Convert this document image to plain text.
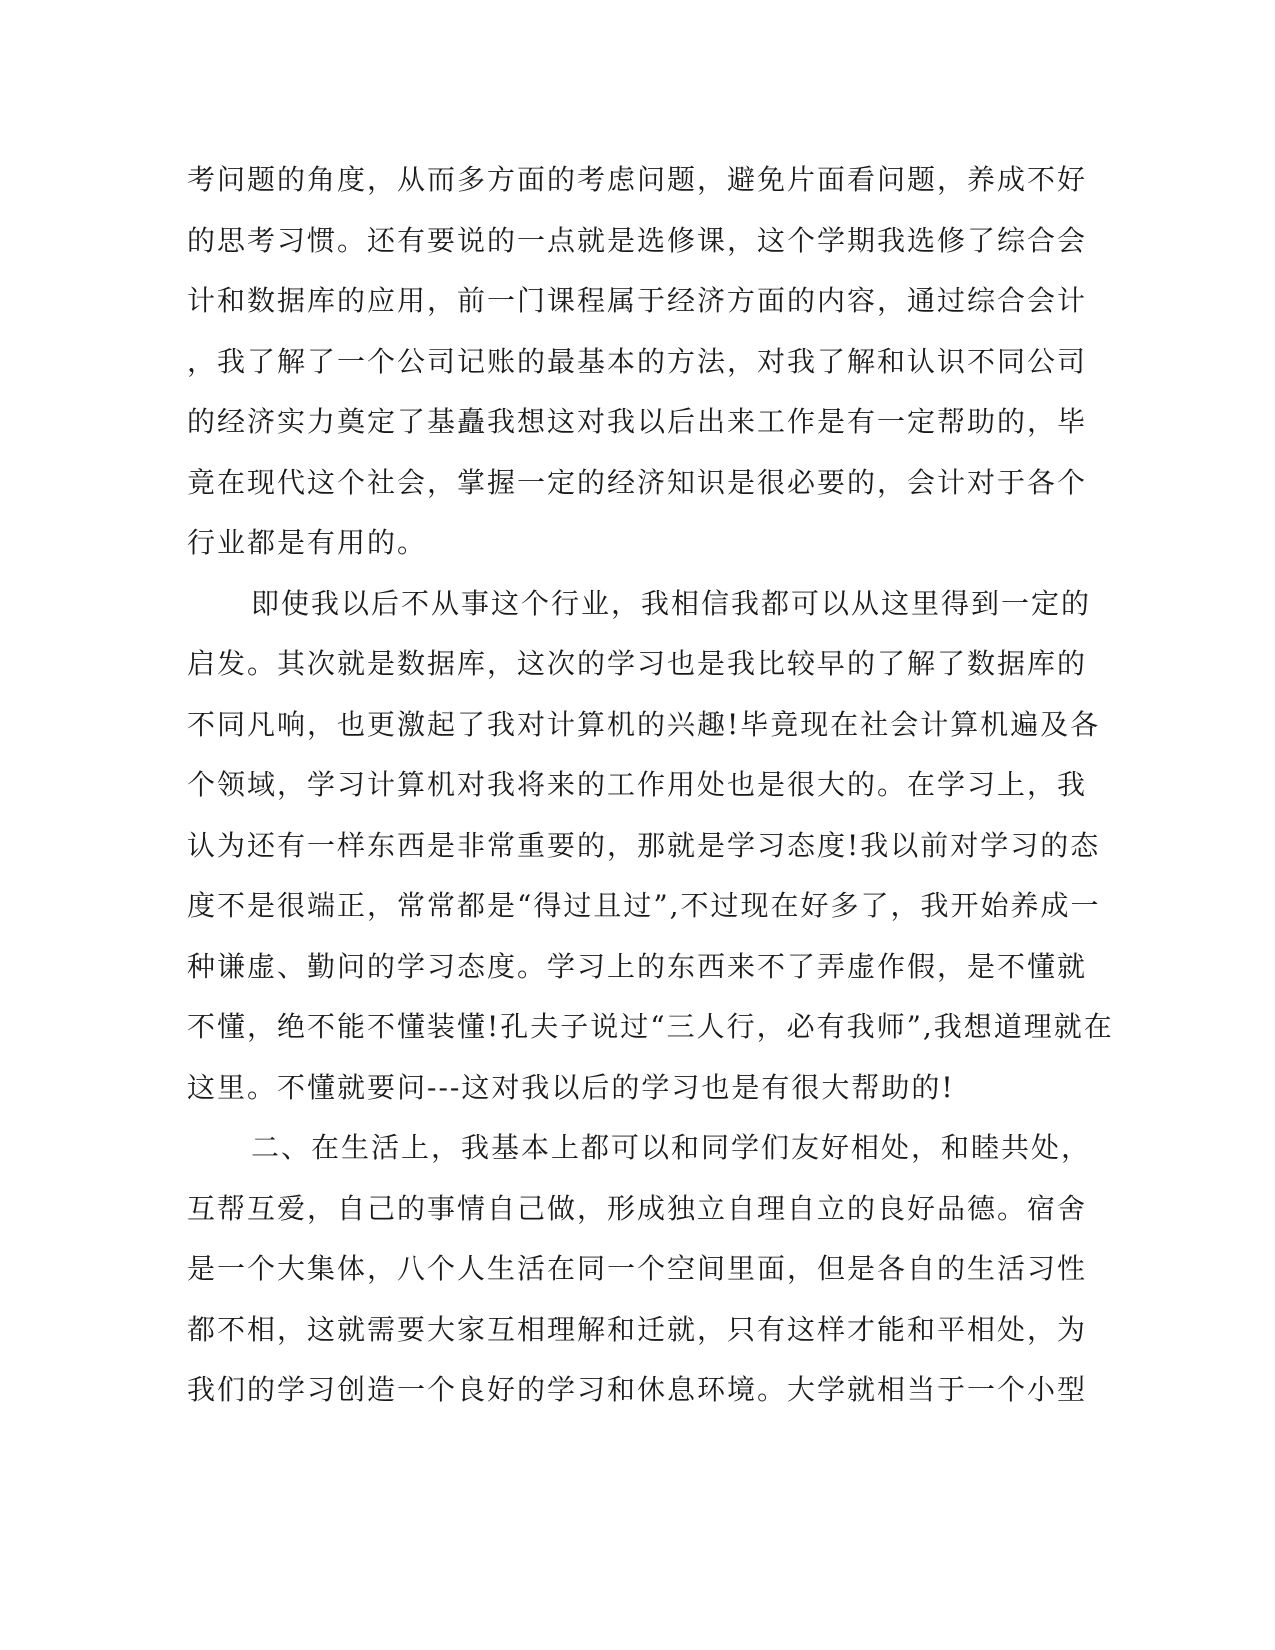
考问题的角度，从而多方面的考虑问题，避免片面看问题，养成不好
的思考习惯。还有要说的一点就是选修课，这个学期我选修了综合会
计和数据库的应用，前一门课程属于经济方面的内容，通过综合会计
，我了解了一个公司记账的最基本的方法，对我了解和认识不同公司
的经济实力奠定了基矗我想这对我以后出来工作是有一定帮助的，毕
竟在现代这个社会，掌握一定的经济知识是很必要的，会计对于各个
行业都是有用的。
即使我以后不从事这个行业，我相信我都可以从这里得到一定的
启发。其次就是数据库，这次的学习也是我比较早的了解了数据库的
不同凡响，也更激起了我对计算机的兴趣!毕竟现在社会计算机遍及各
个领域，学习计算机对我将来的工作用处也是很大的。在学习上，我
认为还有一样东西是非常重要的，那就是学习态度!我以前对学习的态
度不是很端正，常常都是“得过且过”,不过现在好多了，我开始养成一
种谦虚、勤问的学习态度。学习上的东西来不了弄虚作假，是不懂就
不懂，绝不能不懂装懂!孔夫子说过“三人行，必有我师”,我想道理就在
这里。不懂就要问---这对我以后的学习也是有很大帮助的!
二、在生活上，我基本上都可以和同学们友好相处，和睦共处，
互帮互爱，自己的事情自己做，形成独立自理自立的良好品德。宿舍
是一个大集体，八个人生活在同一个空间里面，但是各自的生活习性
都不相，这就需要大家互相理解和迁就，只有这样才能和平相处，为
我们的学习创造一个良好的学习和休息环境。大学就相当于一个小型
